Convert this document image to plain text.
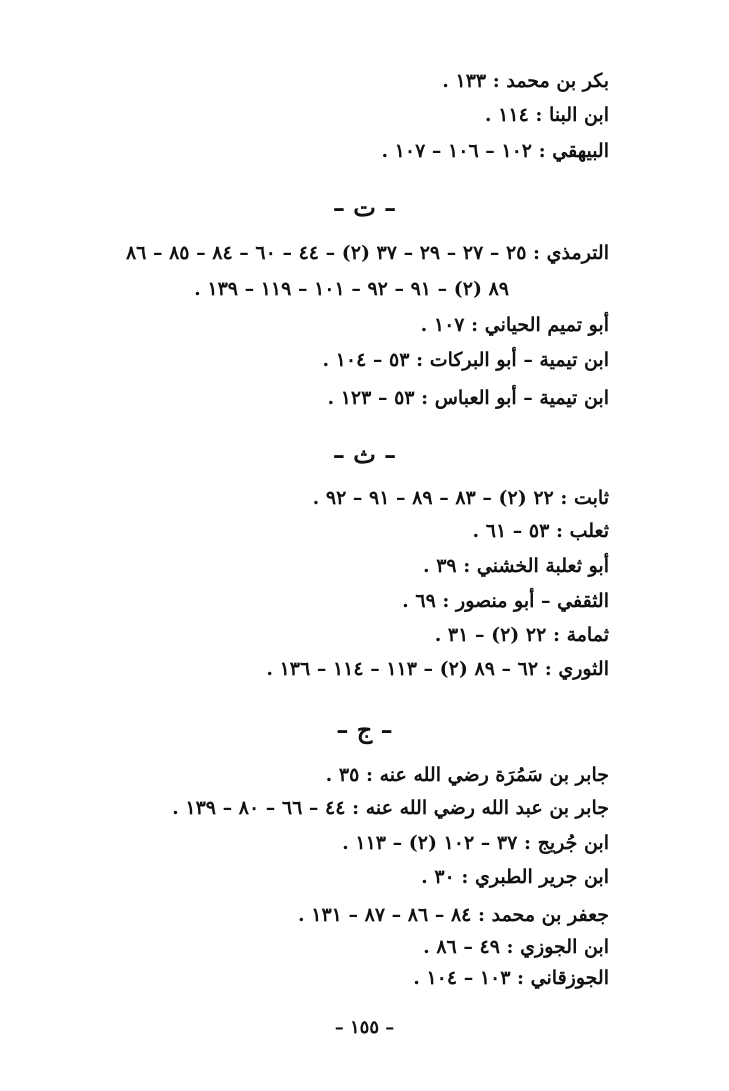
بكر بن محمد : ١٣٣ .
ابن البنا : ١١٤ .
البيهقي : ١٠٢ – ١٠٦ – ١٠٧ .
– ت –
الترمذي : ٢٥ – ٢٧ – ٢٩ – ٣٧ (٢) – ٤٤ – ٦٠ – ٨٤ – ٨٥ – ٨٦
٨٩ (٢) – ٩١ – ٩٢ – ١٠١ – ١١٩ – ١٣٩ .
أبو تميم الحياني : ١٠٧ .
ابن تيمية – أبو البركات : ٥٣ – ١٠٤ .
ابن تيمية – أبو العباس : ٥٣ – ١٢٣ .
– ث –
ثابت : ٢٢ (٢) – ٨٣ – ٨٩ – ٩١ – ٩٢ .
ثعلب : ٥٣ – ٦١ .
أبو ثعلبة الخشني : ٣٩ .
الثقفي – أبو منصور : ٦٩ .
ثمامة : ٢٢ (٢) – ٣١ .
الثوري : ٦٢ – ٨٩ (٢) – ١١٣ – ١١٤ – ١٣٦ .
– ج –
جابر بن سَمُرَة رضي الله عنه : ٣٥ .
جابر بن عبد الله رضي الله عنه : ٤٤ – ٦٦ – ٨٠ – ١٣٩ .
ابن جُريج : ٣٧ – ١٠٢ (٢) – ١١٣ .
ابن جرير الطبري : ٣٠ .
جعفر بن محمد : ٨٤ – ٨٦ – ٨٧ – ١٣١ .
ابن الجوزي : ٤٩ – ٨٦ .
الجوزقاني : ١٠٣ – ١٠٤ .
– ١٥٥ –
